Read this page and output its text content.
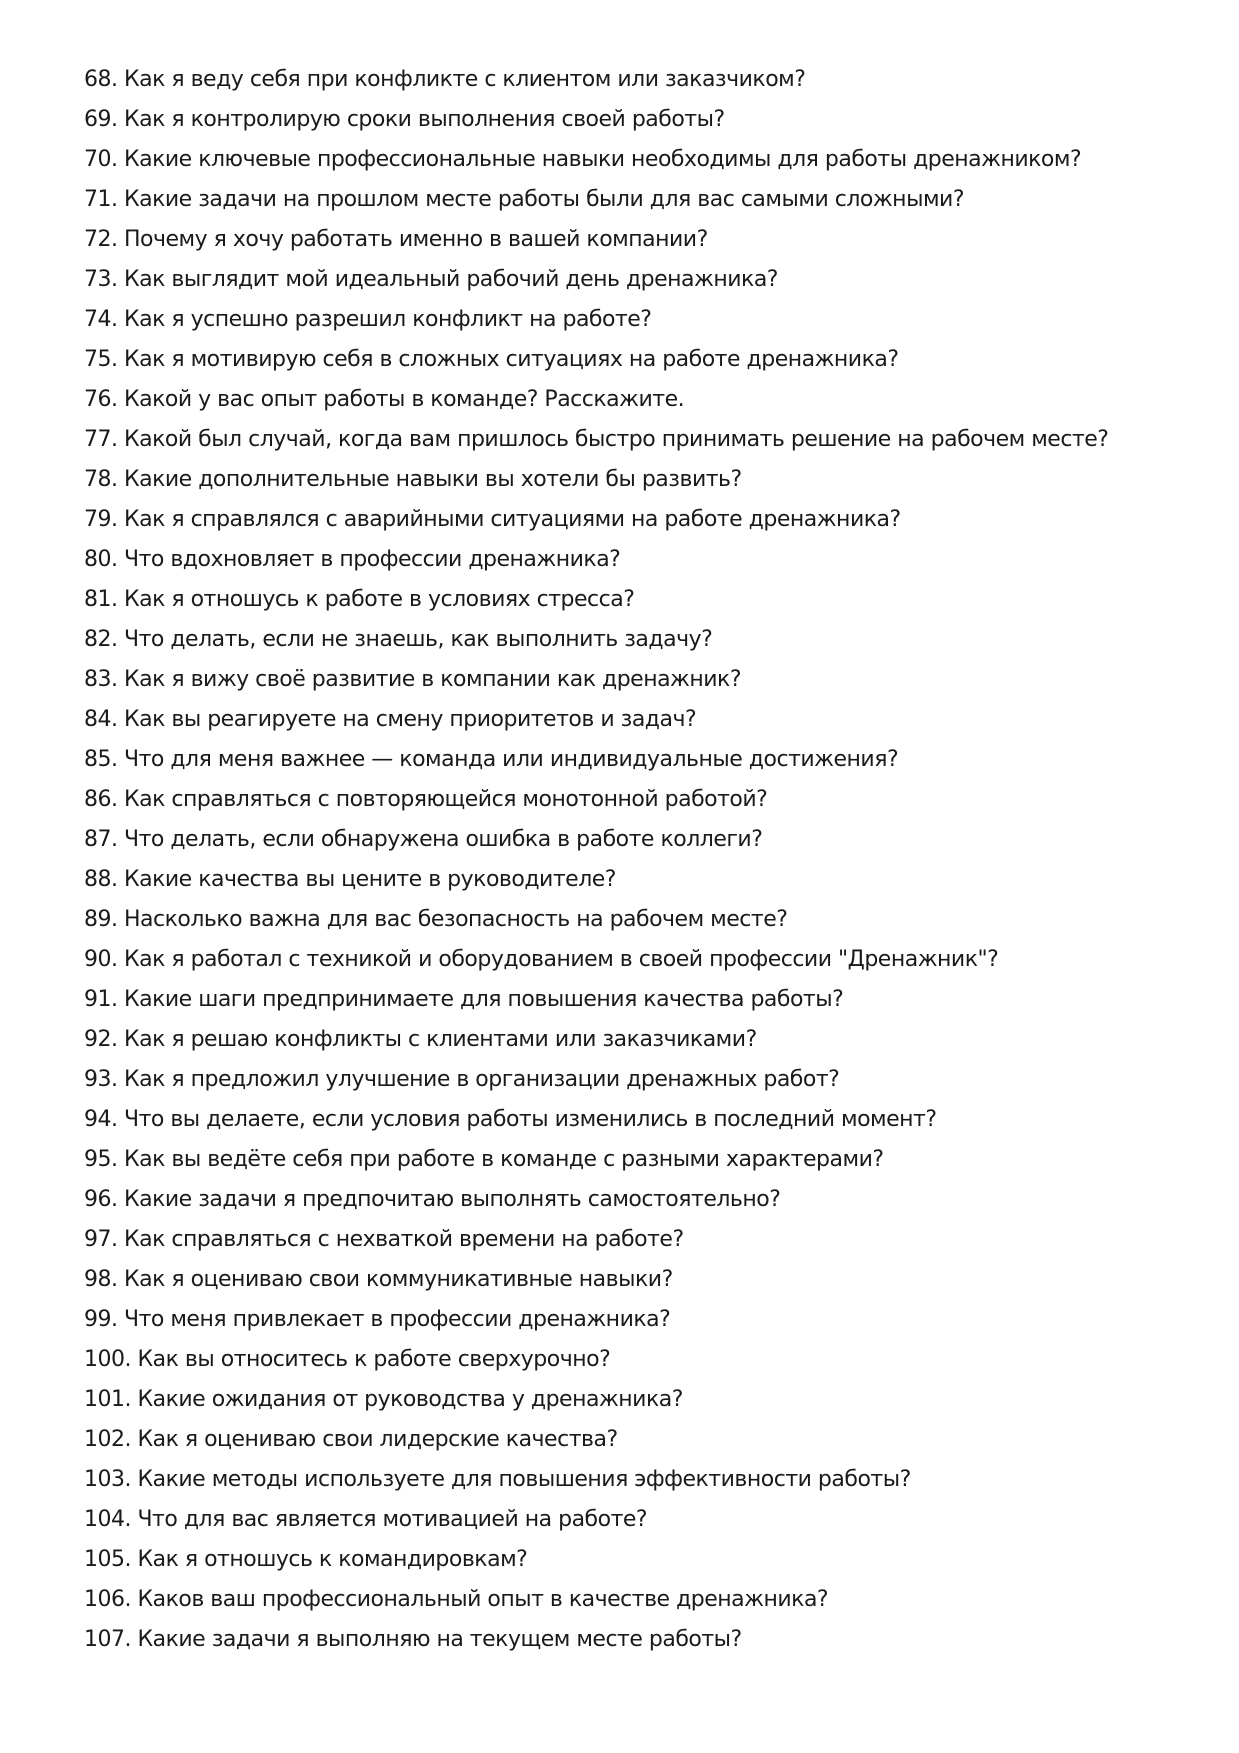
68. Как я веду себя при конфликте с клиентом или заказчиком?
69. Как я контролирую сроки выполнения своей работы?
70. Какие ключевые профессиональные навыки необходимы для работы дренажником?
71. Какие задачи на прошлом месте работы были для вас самыми сложными?
72. Почему я хочу работать именно в вашей компании?
73. Как выглядит мой идеальный рабочий день дренажника?
74. Как я успешно разрешил конфликт на работе?
75. Как я мотивирую себя в сложных ситуациях на работе дренажника?
76. Какой у вас опыт работы в команде? Расскажите.
77. Какой был случай, когда вам пришлось быстро принимать решение на рабочем месте?
78. Какие дополнительные навыки вы хотели бы развить?
79. Как я справлялся с аварийными ситуациями на работе дренажника?
80. Что вдохновляет в профессии дренажника?
81. Как я отношусь к работе в условиях стресса?
82. Что делать, если не знаешь, как выполнить задачу?
83. Как я вижу своё развитие в компании как дренажник?
84. Как вы реагируете на смену приоритетов и задач?
85. Что для меня важнее — команда или индивидуальные достижения?
86. Как справляться с повторяющейся монотонной работой?
87. Что делать, если обнаружена ошибка в работе коллеги?
88. Какие качества вы цените в руководителе?
89. Насколько важна для вас безопасность на рабочем месте?
90. Как я работал с техникой и оборудованием в своей профессии "Дренажник"?
91. Какие шаги предпринимаете для повышения качества работы?
92. Как я решаю конфликты с клиентами или заказчиками?
93. Как я предложил улучшение в организации дренажных работ?
94. Что вы делаете, если условия работы изменились в последний момент?
95. Как вы ведёте себя при работе в команде с разными характерами?
96. Какие задачи я предпочитаю выполнять самостоятельно?
97. Как справляться с нехваткой времени на работе?
98. Как я оцениваю свои коммуникативные навыки?
99. Что меня привлекает в профессии дренажника?
100. Как вы относитесь к работе сверхурочно?
101. Какие ожидания от руководства у дренажника?
102. Как я оцениваю свои лидерские качества?
103. Какие методы используете для повышения эффективности работы?
104. Что для вас является мотивацией на работе?
105. Как я отношусь к командировкам?
106. Каков ваш профессиональный опыт в качестве дренажника?
107. Какие задачи я выполняю на текущем месте работы?
